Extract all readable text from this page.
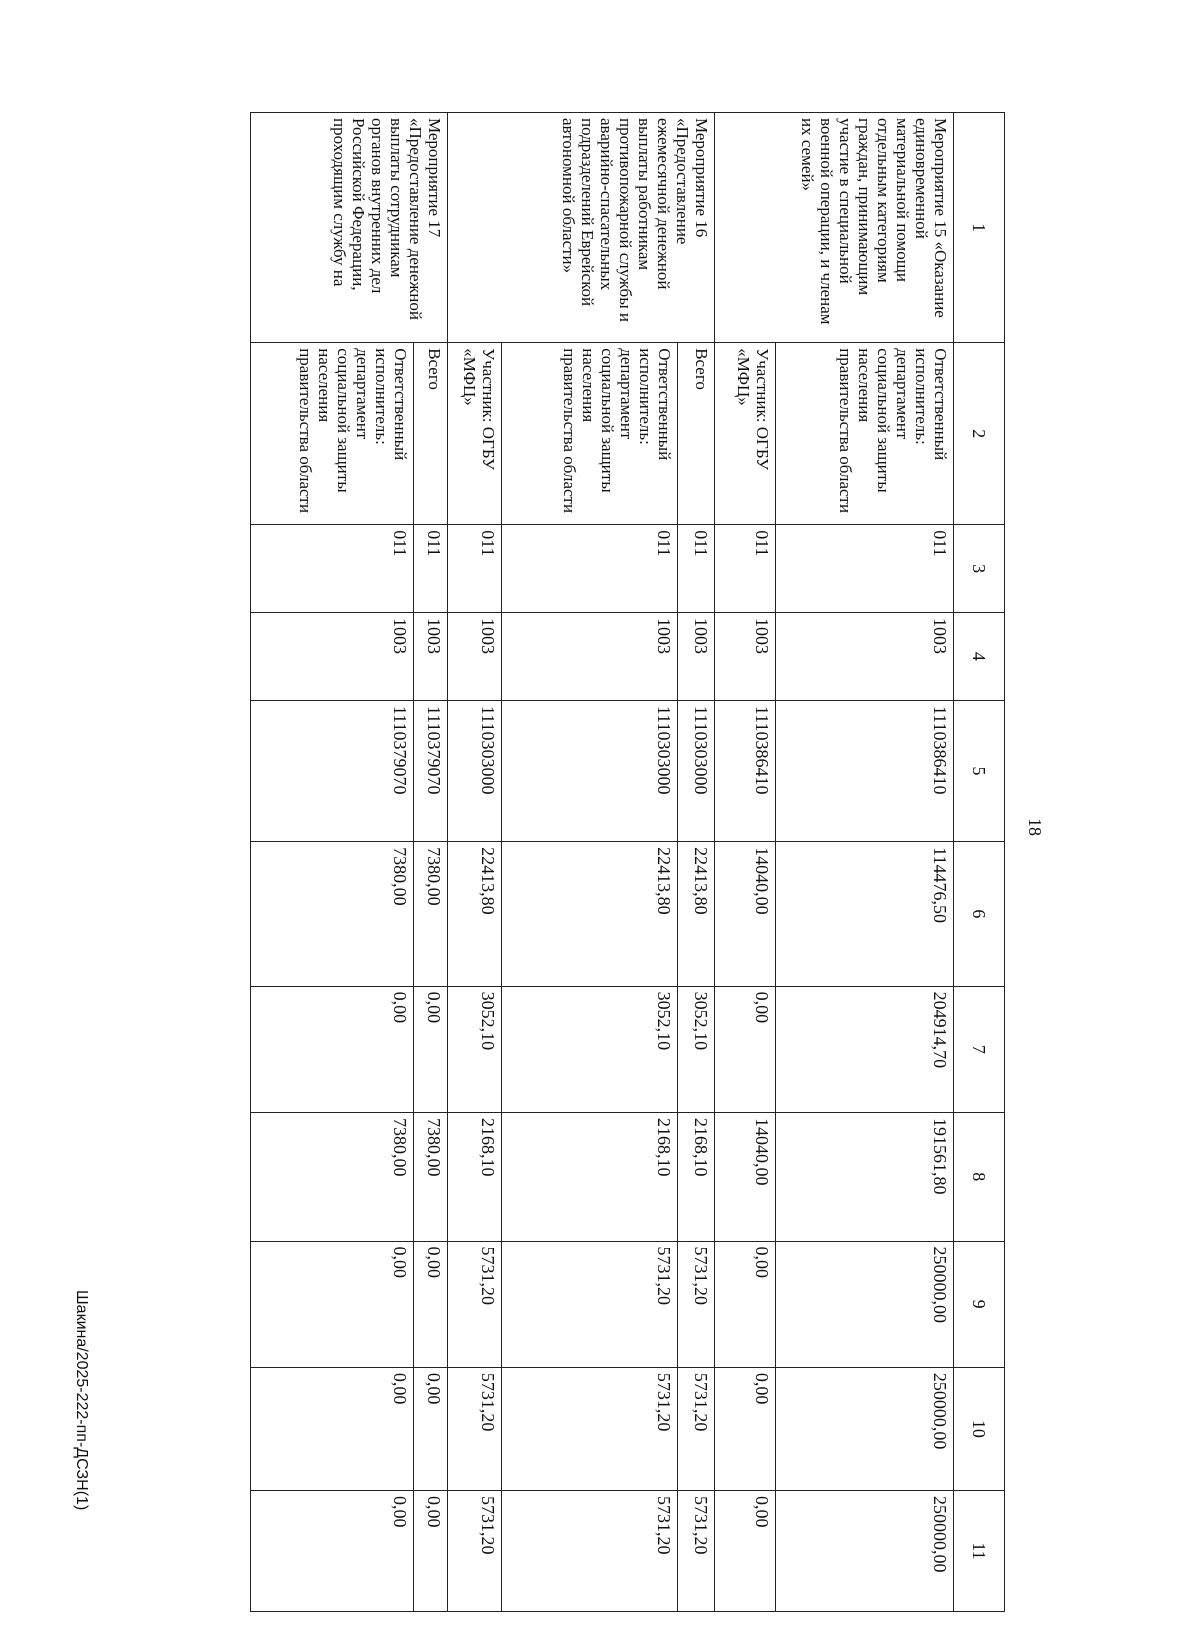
18
Шакина/2025-222-пп-ДСЗН(1)
1	2	3	4	5	6	7	8	9	10	11
Мероприятие 15 «Оказание единовременной материальной помощи отдельным категориям граждан, принимающим участие в специальной военной операции, и членам их семей»	Ответственный исполнитель: департамент социальной защиты населения правительства области	011	1003	1110386410	114476,50	204914,70	191561,80	250000,00	250000,00	250000,00
	Участник: ОГБУ «МФЦ»	011	1003	1110386410	14040,00	0,00	14040,00	0,00	0,00	0,00
Мероприятие 16 «Предоставление ежемесячной денежной выплаты работникам противопожарной службы и аварийно-спасательных подразделений Еврейской автономной области»	Всего	011	1003	1110303000	22413,80	3052,10	2168,10	5731,20	5731,20	5731,20
	Ответственный исполнитель: департамент социальной защиты населения правительства области	011	1003	1110303000	22413,80	3052,10	2168,10	5731,20	5731,20	5731,20
	Участник: ОГБУ «МФЦ»	011	1003	1110303000	22413,80	3052,10	2168,10	5731,20	5731,20	5731,20
Мероприятие 17 «Предоставление денежной выплаты сотрудникам органов внутренних дел Российской Федерации, проходящим службу на	Всего	011	1003	1110379070	7380,00	0,00	7380,00	0,00	0,00	0,00
	Ответственный исполнитель: департамент социальной защиты населения правительства области	011	1003	1110379070	7380,00	0,00	7380,00	0,00	0,00	0,00
